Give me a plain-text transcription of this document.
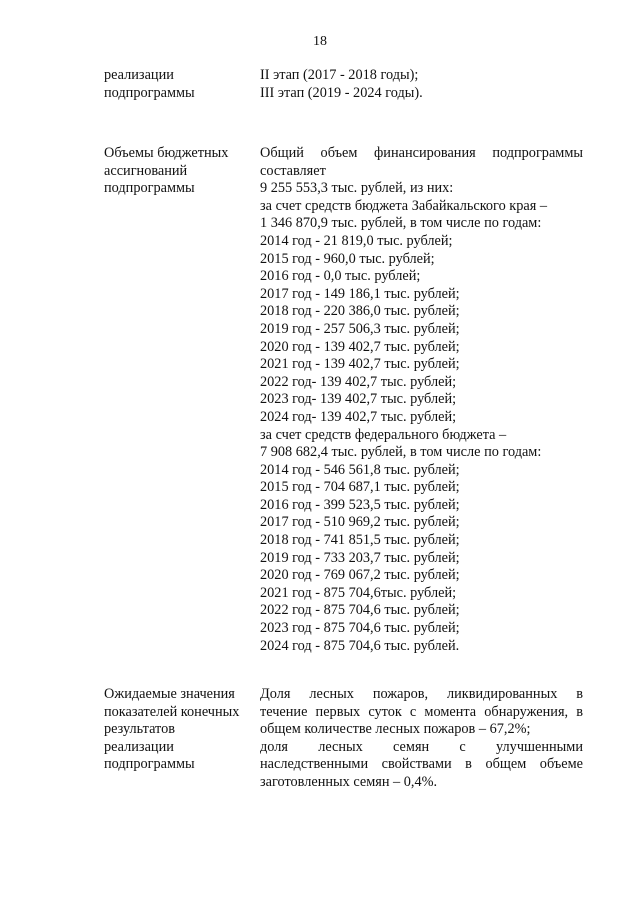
18
реализации
подпрограммы
II этап (2017 - 2018 годы);
III этап (2019 - 2024 годы).
Объемы бюджетных
ассигнований
подпрограммы
Общий объем финансирования подпрограммы
составляет
9 255 553,3 тыс. рублей, из них:
за счет средств бюджета Забайкальского края –
1 346 870,9 тыс. рублей, в том числе по годам:
2014 год - 21 819,0 тыс. рублей;
2015 год - 960,0 тыс. рублей;
2016 год - 0,0 тыс. рублей;
2017 год - 149 186,1 тыс. рублей;
2018 год - 220 386,0 тыс. рублей;
2019 год - 257 506,3 тыс. рублей;
2020 год - 139 402,7 тыс. рублей;
2021 год - 139 402,7 тыс. рублей;
2022 год- 139 402,7 тыс. рублей;
2023 год- 139 402,7 тыс. рублей;
2024 год- 139 402,7 тыс. рублей;
за счет средств федерального бюджета –
7 908 682,4 тыс. рублей, в том числе по годам:
2014 год - 546 561,8 тыс. рублей;
2015 год - 704 687,1 тыс. рублей;
2016 год - 399 523,5 тыс. рублей;
2017 год - 510 969,2 тыс. рублей;
2018 год - 741 851,5 тыс. рублей;
2019 год - 733 203,7 тыс. рублей;
2020 год - 769 067,2 тыс. рублей;
2021 год - 875 704,6тыс. рублей;
2022 год - 875 704,6 тыс. рублей;
2023 год - 875 704,6 тыс. рублей;
2024 год - 875 704,6 тыс. рублей.
Ожидаемые значения
показателей конечных
результатов
реализации
подпрограммы
Доля лесных пожаров, ликвидированных в
течение первых суток с момента обнаружения, в
общем количестве лесных пожаров – 67,2%;
доля лесных семян с улучшенными
наследственными свойствами в общем объеме
заготовленных семян – 0,4%.
